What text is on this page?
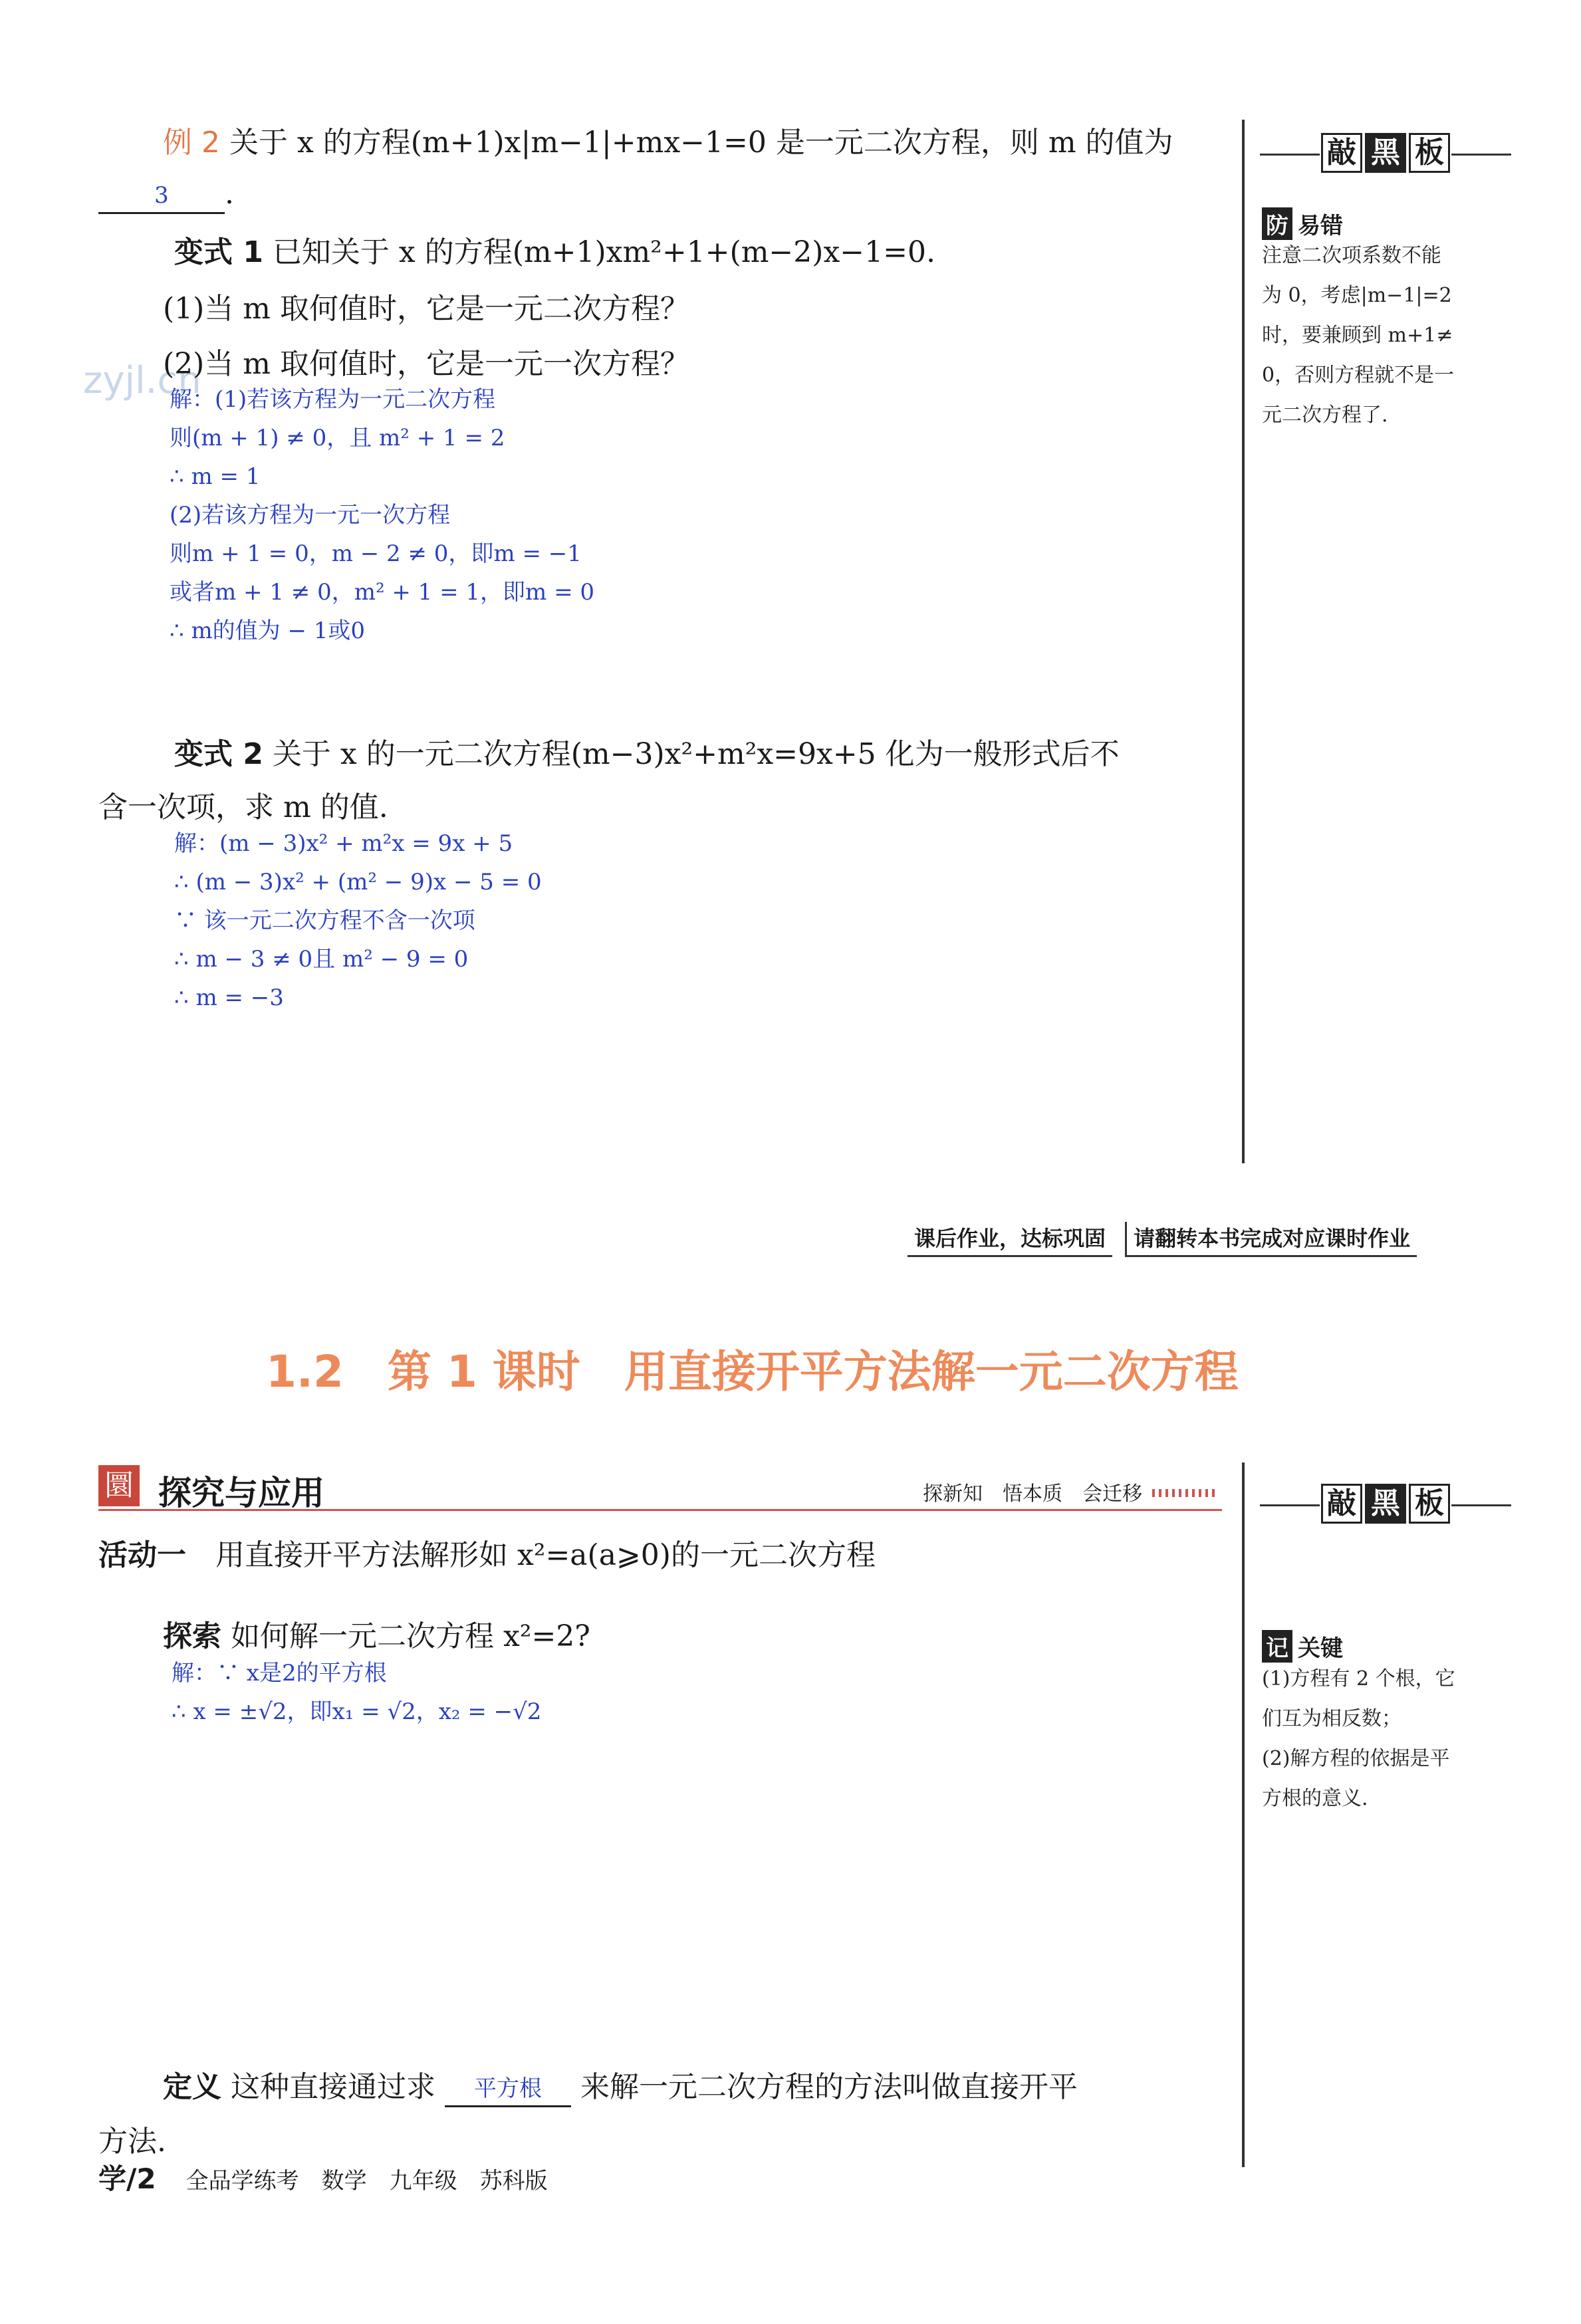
zyjl.cn
例 2 关于 x 的方程(m+1)x|m−1|+mx−1=0 是一元二次方程，则 m 的值为
3 .
变式 1 已知关于 x 的方程(m+1)xm²+1+(m−2)x−1=0.
(1)当 m 取何值时，它是一元二次方程？
(2)当 m 取何值时，它是一元一次方程？
解：(1)若该方程为一元二次方程
则(m + 1) ≠ 0，且 m² + 1 = 2
∴ m = 1
(2)若该方程为一元一次方程
则m + 1 = 0，m − 2 ≠ 0，即m = −1
或者m + 1 ≠ 0，m² + 1 = 1，即m = 0
∴ m的值为 − 1或0
变式 2 关于 x 的一元二次方程(m−3)x²+m²x=9x+5 化为一般形式后不
含一次项，求 m 的值.
解：(m − 3)x² + m²x = 9x + 5
∴ (m − 3)x² + (m² − 9)x − 5 = 0
∵ 该一元二次方程不含一次项
∴ m − 3 ≠ 0且 m² − 9 = 0
∴ m = −3
敲 黑 板
防 易错
注意二次项系数不能
为 0，考虑|m−1|=2
时，要兼顾到 m+1≠
0，否则方程就不是一
元二次方程了.
课后作业，达标巩固 请翻转本书完成对应课时作业
1.2　第 1 课时　用直接开平方法解一元二次方程
圜 探究与应用	探新知　悟本质　会迁移
活动一 用直接开平方法解形如 x²=a(a⩾0)的一元二次方程
探索 如何解一元二次方程 x²=2?
解：∵ x是2的平方根
∴ x = ±√2，即x₁ = √2，x₂ = −√2
敲 黑 板
记 关键
(1)方程有 2 个根，它
们互为相反数；
(2)解方程的依据是平
方根的意义.
定义 这种直接通过求 平方根 来解一元二次方程的方法叫做直接开平
方法.
学/2 全品学练考　数学　九年级　苏科版
